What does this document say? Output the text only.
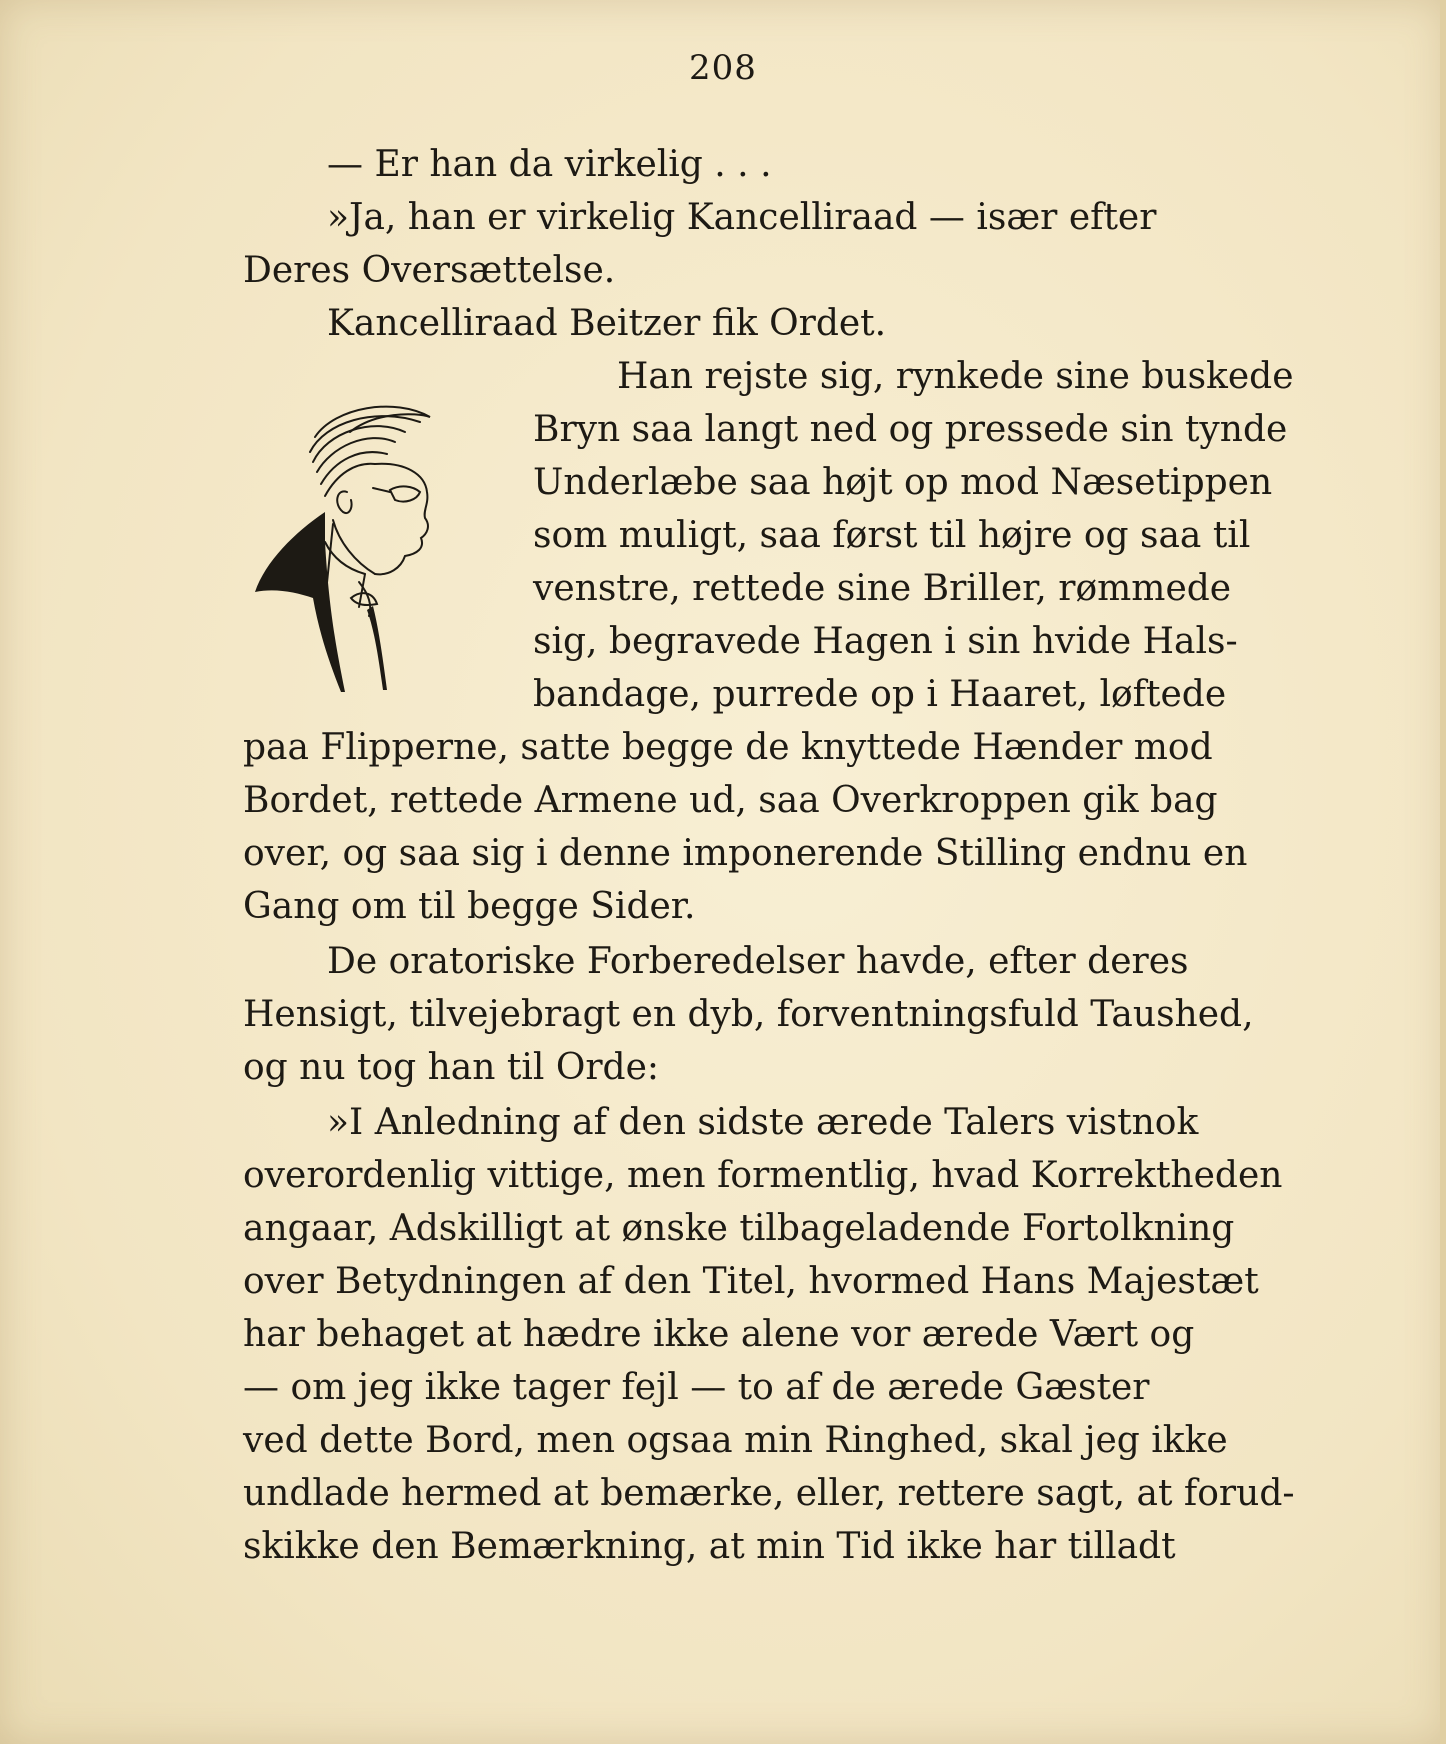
208
— Er han da virkelig . . .
»Ja, han er virkelig Kancelliraad — især efter
Deres Oversættelse.
Kancelliraad Beitzer fik Ordet.
Han rejste sig, rynkede sine buskede
Bryn saa langt ned og pressede sin tynde
Underlæbe saa højt op mod Næsetippen
som muligt, saa først til højre og saa til
venstre, rettede sine Briller, rømmede
sig, begravede Hagen i sin hvide Hals-
bandage, purrede op i Haaret, løftede
paa Flipperne, satte begge de knyttede Hænder mod
Bordet, rettede Armene ud, saa Overkroppen gik bag
over, og saa sig i denne imponerende Stilling endnu en
Gang om til begge Sider.
De oratoriske Forberedelser havde, efter deres
Hensigt, tilvejebragt en dyb, forventningsfuld Taushed,
og nu tog han til Orde:
»I Anledning af den sidste ærede Talers vistnok
overordenlig vittige, men formentlig, hvad Korrektheden
angaar, Adskilligt at ønske tilbageladende Fortolkning
over Betydningen af den Titel, hvormed Hans Majestæt
har behaget at hædre ikke alene vor ærede Vært og
— om jeg ikke tager fejl — to af de ærede Gæster
ved dette Bord, men ogsaa min Ringhed, skal jeg ikke
undlade hermed at bemærke, eller, rettere sagt, at forud-
skikke den Bemærkning, at min Tid ikke har tilladt
